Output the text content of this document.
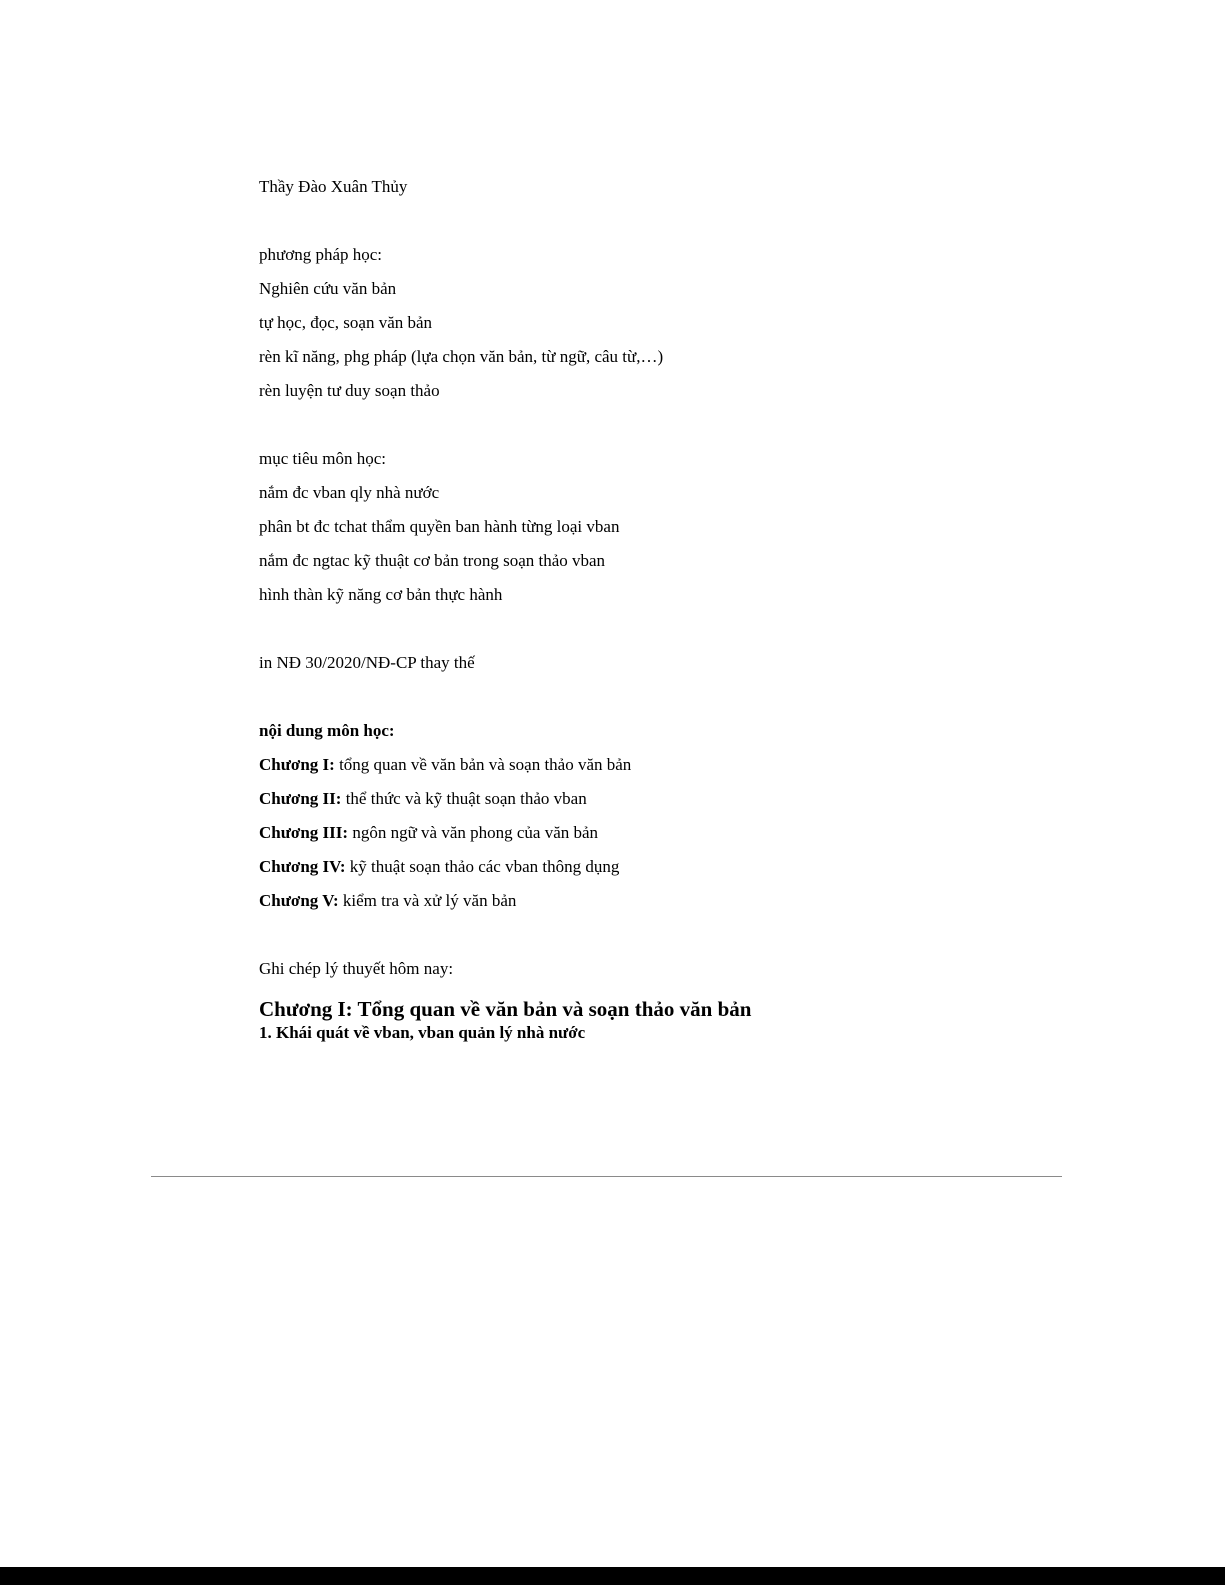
Thầy Đào Xuân Thủy
phương pháp học:
Nghiên cứu văn bản
tự học, đọc, soạn văn bản
rèn kĩ năng, phg pháp (lựa chọn văn bản, từ ngữ, câu từ,…)
rèn luyện tư duy soạn thảo
mục tiêu môn học:
nắm đc vban qly nhà nước
phân bt đc tchat thẩm quyền ban hành từng loại vban
nắm đc ngtac kỹ thuật cơ bản trong soạn thảo vban
hình thàn kỹ năng cơ bản thực hành
in NĐ 30/2020/NĐ-CP thay thế
nội dung môn học:
Chương I: tổng quan về văn bản và soạn thảo văn bản
Chương II: thể thức và kỹ thuật soạn thảo vban
Chương III: ngôn ngữ và văn phong của văn bản
Chương IV: kỹ thuật soạn thảo các vban thông dụng
Chương V: kiểm tra và xử lý văn bản
Ghi chép lý thuyết hôm nay:
Chương I: Tổng quan về văn bản và soạn thảo văn bản
1. Khái quát về vban, vban quản lý nhà nước
